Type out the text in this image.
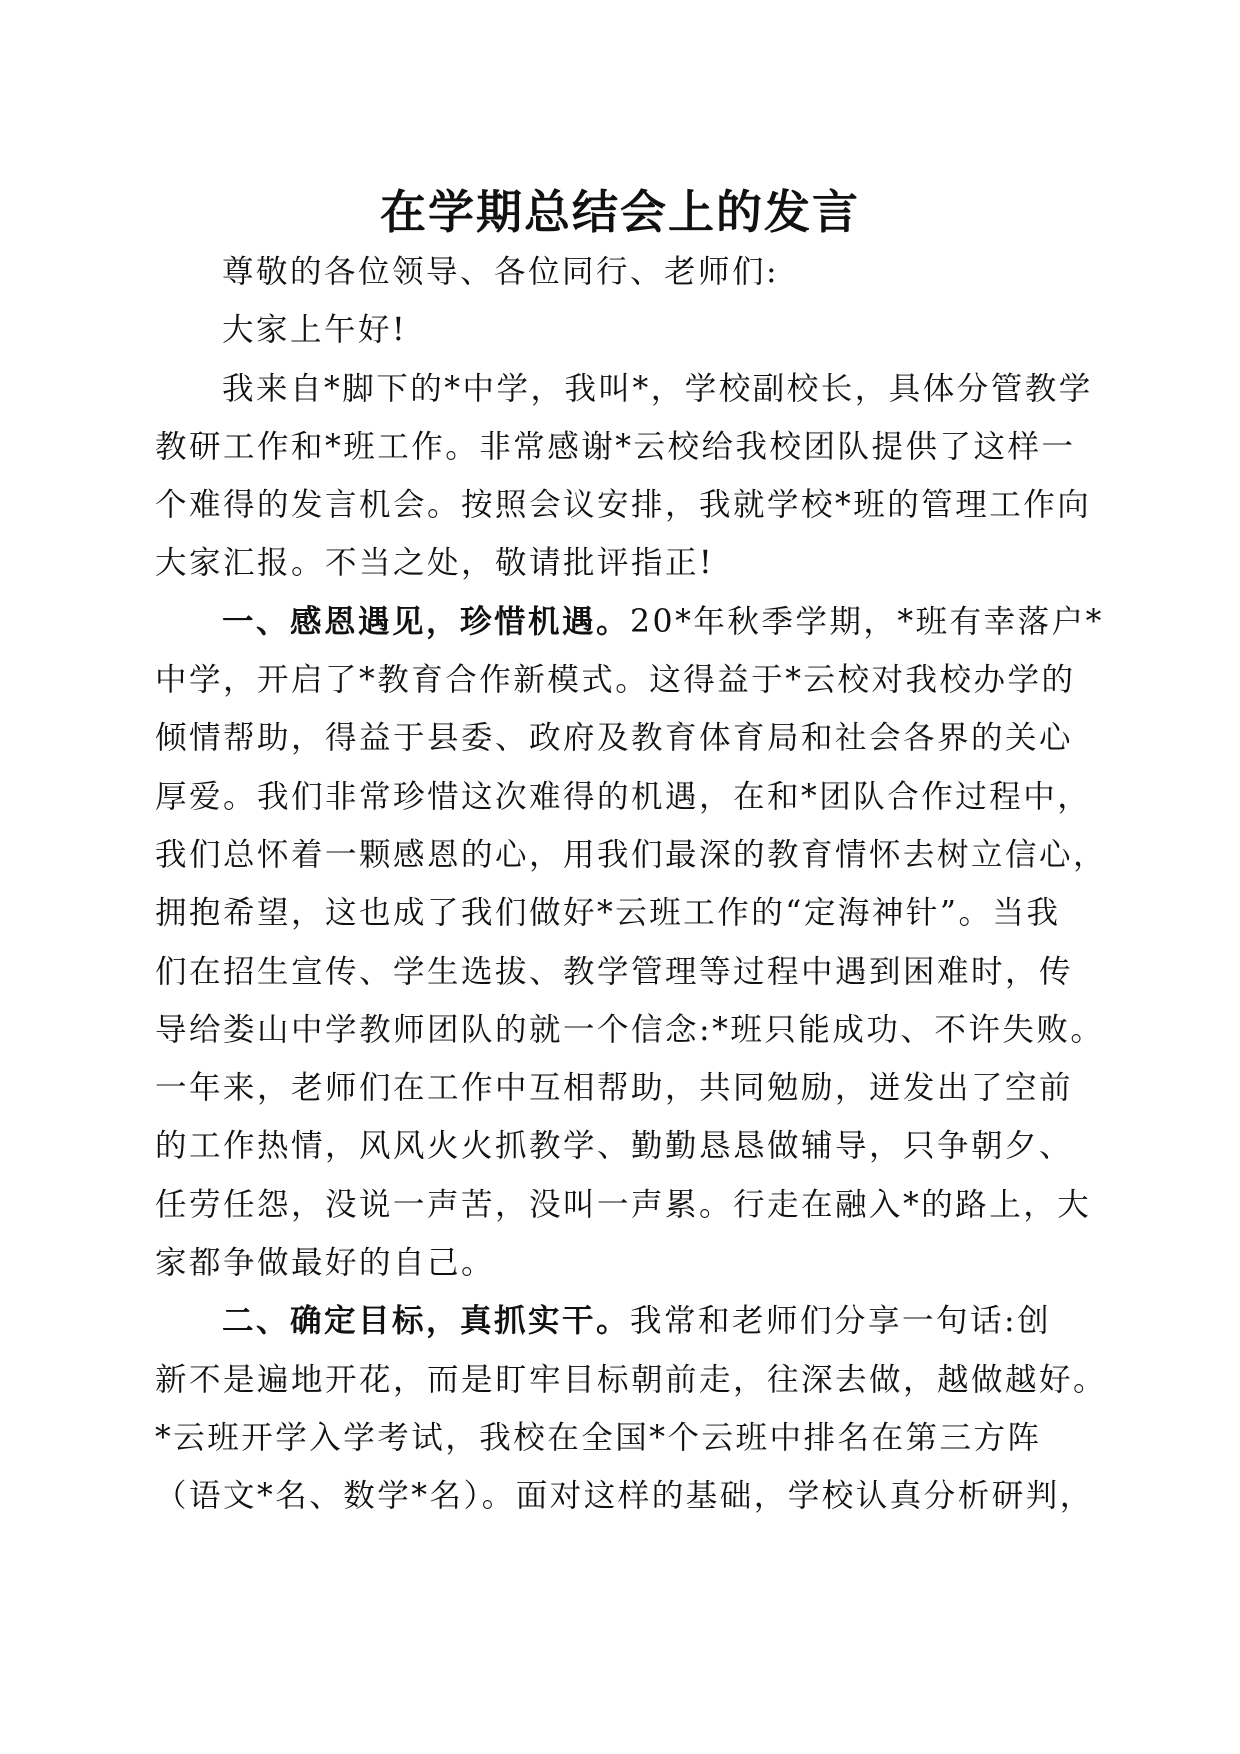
在学期总结会上的发言

尊敬的各位领导、各位同行、老师们:

大家上午好!

我来自*脚下的*中学，我叫*，学校副校长，具体分管教学

教研工作和*班工作。非常感谢*云校给我校团队提供了这样一

个难得的发言机会。按照会议安排，我就学校*班的管理工作向

大家汇报。不当之处，敬请批评指正!

一、感恩遇见，珍惜机遇。20*年秋季学期，*班有幸落户*

中学，开启了*教育合作新模式。这得益于*云校对我校办学的

倾情帮助，得益于县委、政府及教育体育局和社会各界的关心

厚爱。我们非常珍惜这次难得的机遇，在和*团队合作过程中，

我们总怀着一颗感恩的心，用我们最深的教育情怀去树立信心，

拥抱希望，这也成了我们做好*云班工作的“定海神针”。当我

们在招生宣传、学生选拔、教学管理等过程中遇到困难时，传

导给娄山中学教师团队的就一个信念:*班只能成功、不许失败。

一年来，老师们在工作中互相帮助，共同勉励，迸发出了空前

的工作热情，风风火火抓教学、勤勤恳恳做辅导，只争朝夕、

任劳任怨，没说一声苦，没叫一声累。行走在融入*的路上，大

家都争做最好的自己。

二、确定目标，真抓实干。我常和老师们分享一句话:创

新不是遍地开花，而是盯牢目标朝前走，往深去做，越做越好。

*云班开学入学考试，我校在全国*个云班中排名在第三方阵

（语文*名、数学*名）。面对这样的基础，学校认真分析研判，
